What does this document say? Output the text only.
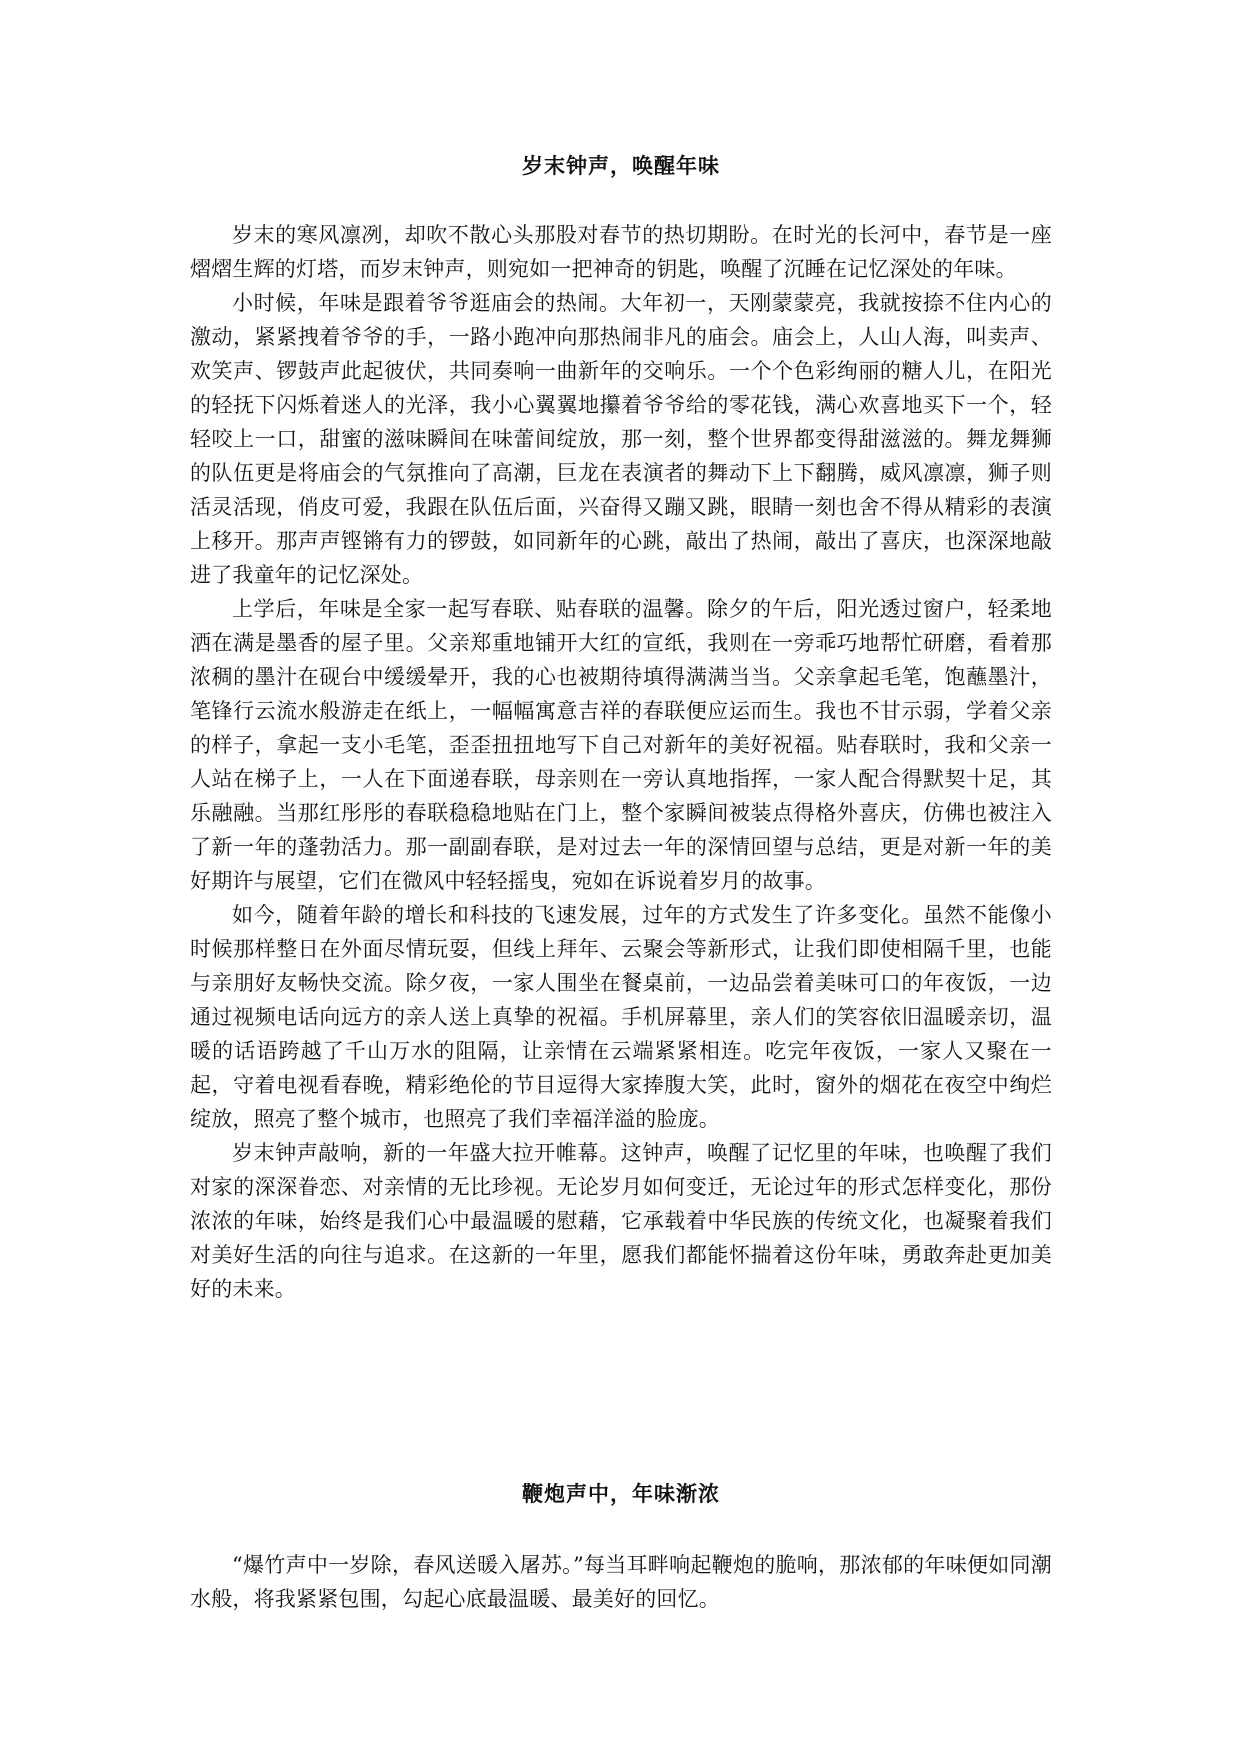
岁末钟声，唤醒年味

岁末的寒风凛冽，却吹不散心头那股对春节的热切期盼。在时光的长河中，春节是一座熠熠生辉的灯塔，而岁末钟声，则宛如一把神奇的钥匙，唤醒了沉睡在记忆深处的年味。

小时候，年味是跟着爷爷逛庙会的热闹。大年初一，天刚蒙蒙亮，我就按捺不住内心的激动，紧紧拽着爷爷的手，一路小跑冲向那热闹非凡的庙会。庙会上，人山人海，叫卖声、欢笑声、锣鼓声此起彼伏，共同奏响一曲新年的交响乐。一个个色彩绚丽的糖人儿，在阳光的轻抚下闪烁着迷人的光泽，我小心翼翼地攥着爷爷给的零花钱，满心欢喜地买下一个，轻轻咬上一口，甜蜜的滋味瞬间在味蕾间绽放，那一刻，整个世界都变得甜滋滋的。舞龙舞狮的队伍更是将庙会的气氛推向了高潮，巨龙在表演者的舞动下上下翻腾，威风凛凛，狮子则活灵活现，俏皮可爱，我跟在队伍后面，兴奋得又蹦又跳，眼睛一刻也舍不得从精彩的表演上移开。那声声铿锵有力的锣鼓，如同新年的心跳，敲出了热闹，敲出了喜庆，也深深地敲进了我童年的记忆深处。

上学后，年味是全家一起写春联、贴春联的温馨。除夕的午后，阳光透过窗户，轻柔地洒在满是墨香的屋子里。父亲郑重地铺开大红的宣纸，我则在一旁乖巧地帮忙研磨，看着那浓稠的墨汁在砚台中缓缓晕开，我的心也被期待填得满满当当。父亲拿起毛笔，饱蘸墨汁，笔锋行云流水般游走在纸上，一幅幅寓意吉祥的春联便应运而生。我也不甘示弱，学着父亲的样子，拿起一支小毛笔，歪歪扭扭地写下自己对新年的美好祝福。贴春联时，我和父亲一人站在梯子上，一人在下面递春联，母亲则在一旁认真地指挥，一家人配合得默契十足，其乐融融。当那红彤彤的春联稳稳地贴在门上，整个家瞬间被装点得格外喜庆，仿佛也被注入了新一年的蓬勃活力。那一副副春联，是对过去一年的深情回望与总结，更是对新一年的美好期许与展望，它们在微风中轻轻摇曳，宛如在诉说着岁月的故事。

如今，随着年龄的增长和科技的飞速发展，过年的方式发生了许多变化。虽然不能像小时候那样整日在外面尽情玩耍，但线上拜年、云聚会等新形式，让我们即使相隔千里，也能与亲朋好友畅快交流。除夕夜，一家人围坐在餐桌前，一边品尝着美味可口的年夜饭，一边通过视频电话向远方的亲人送上真挚的祝福。手机屏幕里，亲人们的笑容依旧温暖亲切，温暖的话语跨越了千山万水的阻隔，让亲情在云端紧紧相连。吃完年夜饭，一家人又聚在一起，守着电视看春晚，精彩绝伦的节目逗得大家捧腹大笑，此时，窗外的烟花在夜空中绚烂绽放，照亮了整个城市，也照亮了我们幸福洋溢的脸庞。

岁末钟声敲响，新的一年盛大拉开帷幕。这钟声，唤醒了记忆里的年味，也唤醒了我们对家的深深眷恋、对亲情的无比珍视。无论岁月如何变迁，无论过年的形式怎样变化，那份浓浓的年味，始终是我们心中最温暖的慰藉，它承载着中华民族的传统文化，也凝聚着我们对美好生活的向往与追求。在这新的一年里，愿我们都能怀揣着这份年味，勇敢奔赴更加美好的未来。

鞭炮声中，年味渐浓

“爆竹声中一岁除，春风送暖入屠苏。”每当耳畔响起鞭炮的脆响，那浓郁的年味便如同潮水般，将我紧紧包围，勾起心底最温暖、最美好的回忆。
